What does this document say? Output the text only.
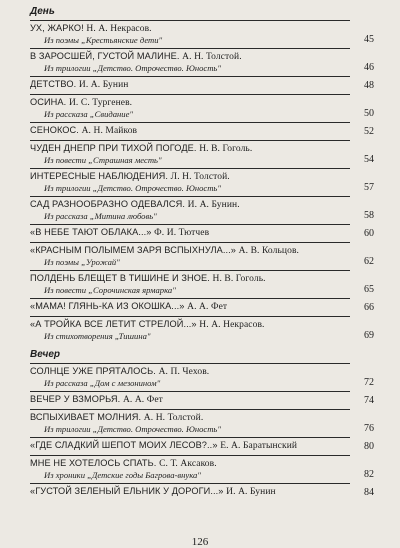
День
УХ, ЖАРКО! Н. А. Некрасов.
Из поэмы „Крестьянские дети"	45
В ЗАРОСШЕЙ, ГУСТОЙ МАЛИНЕ. А. Н. Толстой.
Из трилогии „Детство. Отрочество. Юность"	46
ДЕТСТВО. И. А. Бунин	48
ОСИНА. И. С. Тургенев.
Из рассказа „Свидание"	50
СЕНОКОС. А. Н. Майков	52
ЧУДЕН ДНЕПР ПРИ ТИХОЙ ПОГОДЕ. Н. В. Гоголь.
Из повести „Страшная месть"	54
ИНТЕРЕСНЫЕ НАБЛЮДЕНИЯ. Л. Н. Толстой.
Из трилогии „Детство. Отрочество. Юность"	57
САД РАЗНООБРАЗНО ОДЕВАЛСЯ. И. А. Бунин.
Из рассказа „Митина любовь"	58
«В НЕБЕ ТАЮТ ОБЛАКА...» Ф. И. Тютчев	60
«КРАСНЫМ ПОЛЫМЕМ ЗАРЯ ВСПЫХНУЛА...» А. В. Кольцов.
Из поэмы „Урожай"	62
ПОЛДЕНЬ БЛЕЩЕТ В ТИШИНЕ И ЗНОЕ. Н. В. Гоголь.
Из повести „Сорочинская ярмарка"	65
«МАМА! ГЛЯНЬ-КА ИЗ ОКОШКА...» А. А. Фет	66
«А ТРОЙКА ВСЕ ЛЕТИТ СТРЕЛОЙ...» Н. А. Некрасов.
Из стихотворения „Тишина"	69
Вечер
СОЛНЦЕ УЖЕ ПРЯТАЛОСЬ. А. П. Чехов.
Из рассказа „Дом с мезонином"	72
ВЕЧЕР У ВЗМОРЬЯ. А. А. Фет	74
ВСПЫХИВАЕТ МОЛНИЯ. А. Н. Толстой.
Из трилогии „Детство. Отрочество. Юность"	76
«ГДЕ СЛАДКИЙ ШЕПОТ МОИХ ЛЕСОВ?..» Е. А. Баратынский	80
МНЕ НЕ ХОТЕЛОСЬ СПАТЬ. С. Т. Аксаков.
Из хроники „Детские годы Багрова-внука"	82
«ГУСТОЙ ЗЕЛЕНЫЙ ЕЛЬНИК У ДОРОГИ...» И. А. Бунин	84
126
